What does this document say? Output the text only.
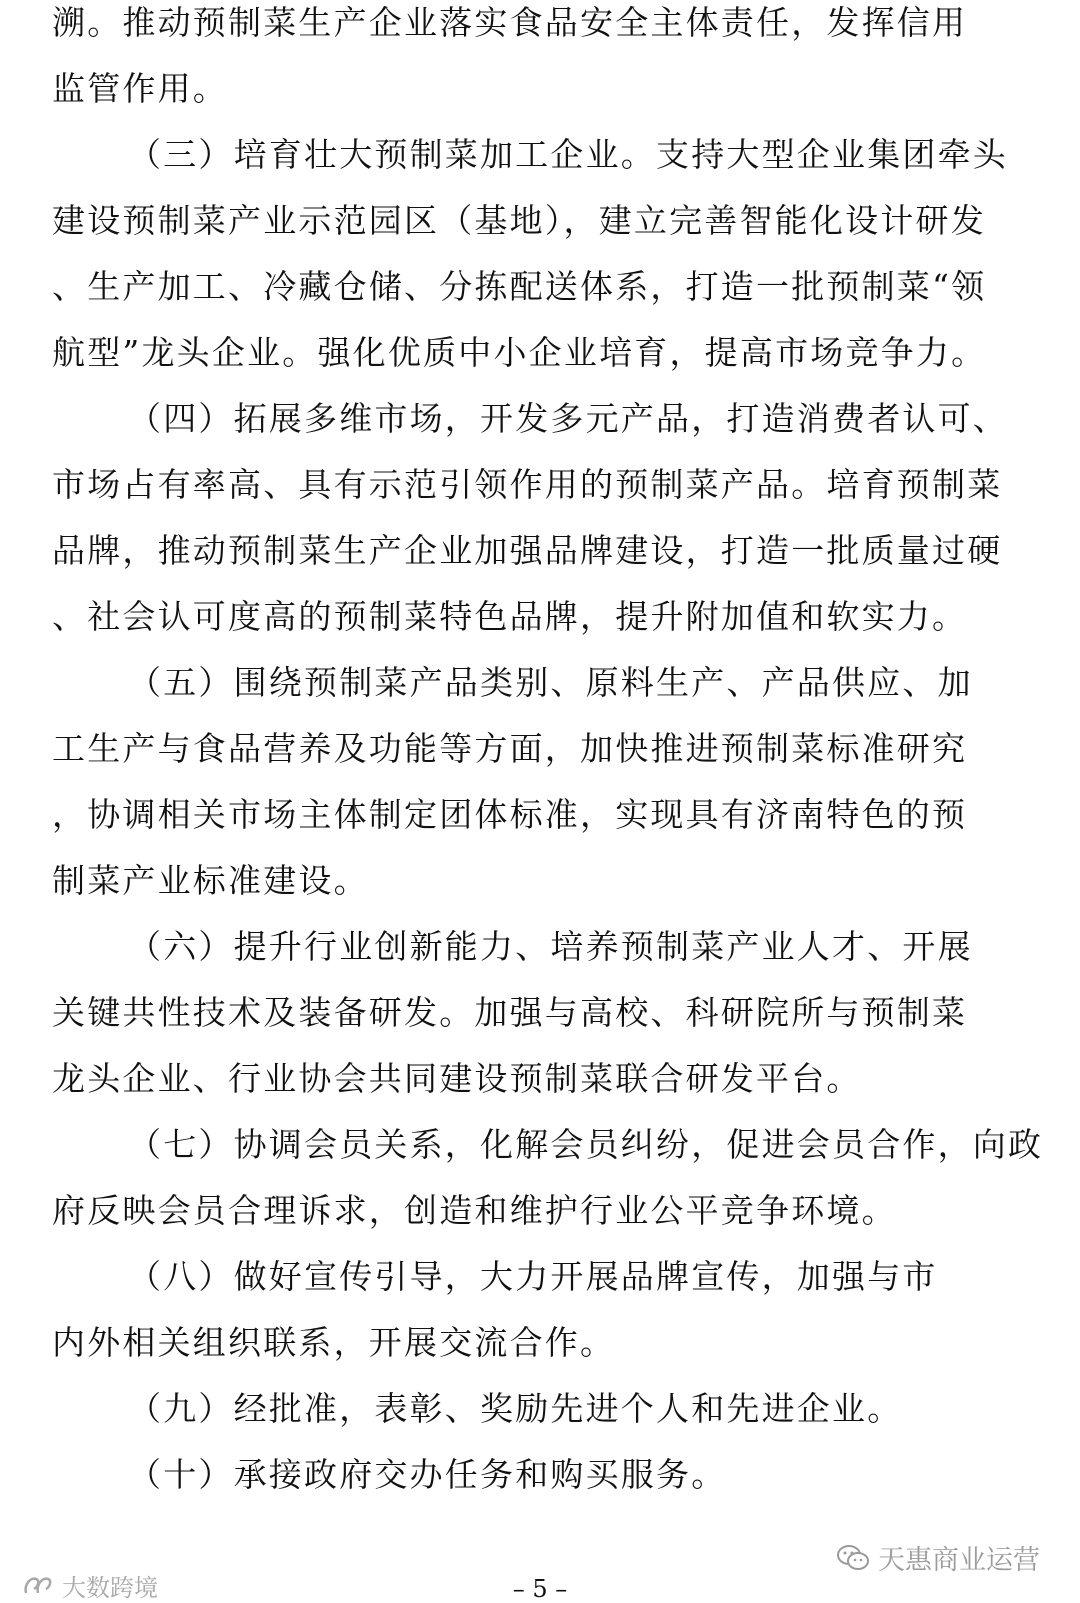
溯。推动预制菜生产企业落实食品安全主体责任，发挥信用
监管作用。
（三）培育壮大预制菜加工企业。支持大型企业集团牵头
建设预制菜产业示范园区（基地），建立完善智能化设计研发
、生产加工、冷藏仓储、分拣配送体系，打造一批预制菜“领
航型”龙头企业。强化优质中小企业培育，提高市场竞争力。
（四）拓展多维市场，开发多元产品，打造消费者认可、
市场占有率高、具有示范引领作用的预制菜产品。培育预制菜
品牌，推动预制菜生产企业加强品牌建设，打造一批质量过硬
、社会认可度高的预制菜特色品牌，提升附加值和软实力。
（五）围绕预制菜产品类别、原料生产、产品供应、加
工生产与食品营养及功能等方面，加快推进预制菜标准研究
，协调相关市场主体制定团体标准，实现具有济南特色的预
制菜产业标准建设。
（六）提升行业创新能力、培养预制菜产业人才、开展
关键共性技术及装备研发。加强与高校、科研院所与预制菜
龙头企业、行业协会共同建设预制菜联合研发平台。
（七）协调会员关系，化解会员纠纷，促进会员合作，向政
府反映会员合理诉求，创造和维护行业公平竞争环境。
（八）做好宣传引导，大力开展品牌宣传，加强与市
内外相关组织联系，开展交流合作。
（九）经批准，表彰、奖励先进个人和先进企业。
（十）承接政府交办任务和购买服务。
– 5 –
天惠商业运营
大数跨境
